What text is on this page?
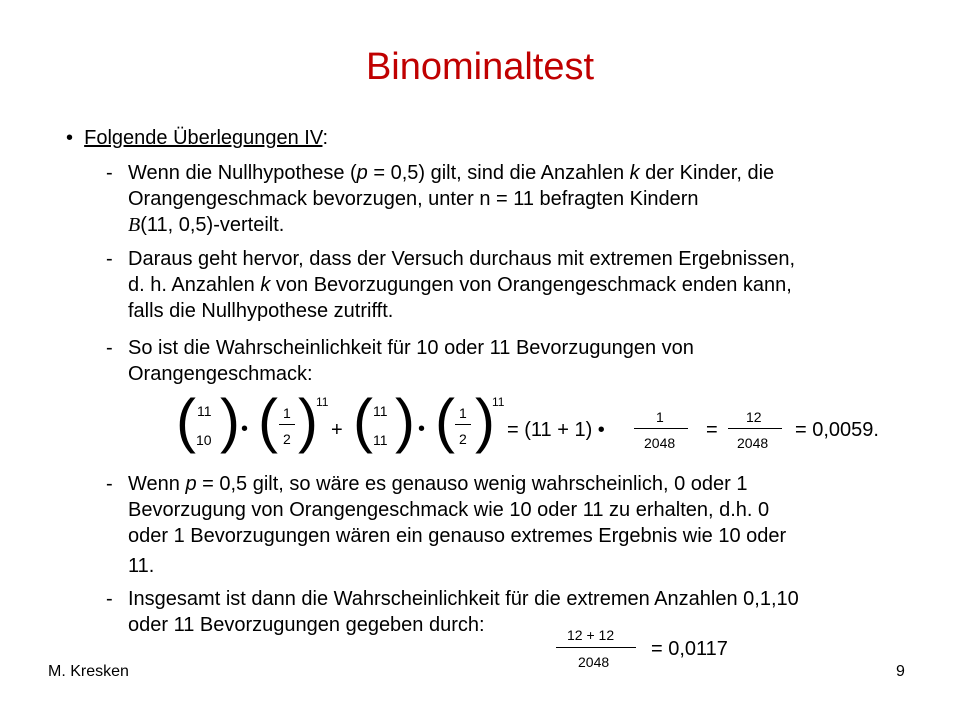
Binominaltest
• Folgende Überlegungen IV:
- Wenn die Nullhypothese (p = 0,5) gilt, sind die Anzahlen k der Kinder, die
Orangengeschmack bevorzugen, unter n = 11 befragten Kindern
B(11, 0,5)-verteilt.
- Daraus geht hervor, dass der Versuch durchaus mit extremen Ergebnissen,
d. h. Anzahlen k von Bevorzugungen von Orangengeschmack enden kann,
falls die Nullhypothese zutrifft.
- So ist die Wahrscheinlichkeit für 10 oder 11 Bevorzugungen von
Orangengeschmack:
( 11
10 ) • ( 1
2 )
11
+ ( 11
11 ) • ( 1
2 )
11
= (11 + 1) •
1
2048
=
12
2048
= 0,0059.
- Wenn p = 0,5 gilt, so wäre es genauso wenig wahrscheinlich, 0 oder 1
Bevorzugung von Orangengeschmack wie 10 oder 11 zu erhalten, d.h. 0
oder 1 Bevorzugungen wären ein genauso extremes Ergebnis wie 10 oder
11.
- Insgesamt ist dann die Wahrscheinlichkeit für die extremen Anzahlen 0,1,10
oder 11 Bevorzugungen gegeben durch:	12 + 12
2048
= 0,0117
M. Kresken	9
